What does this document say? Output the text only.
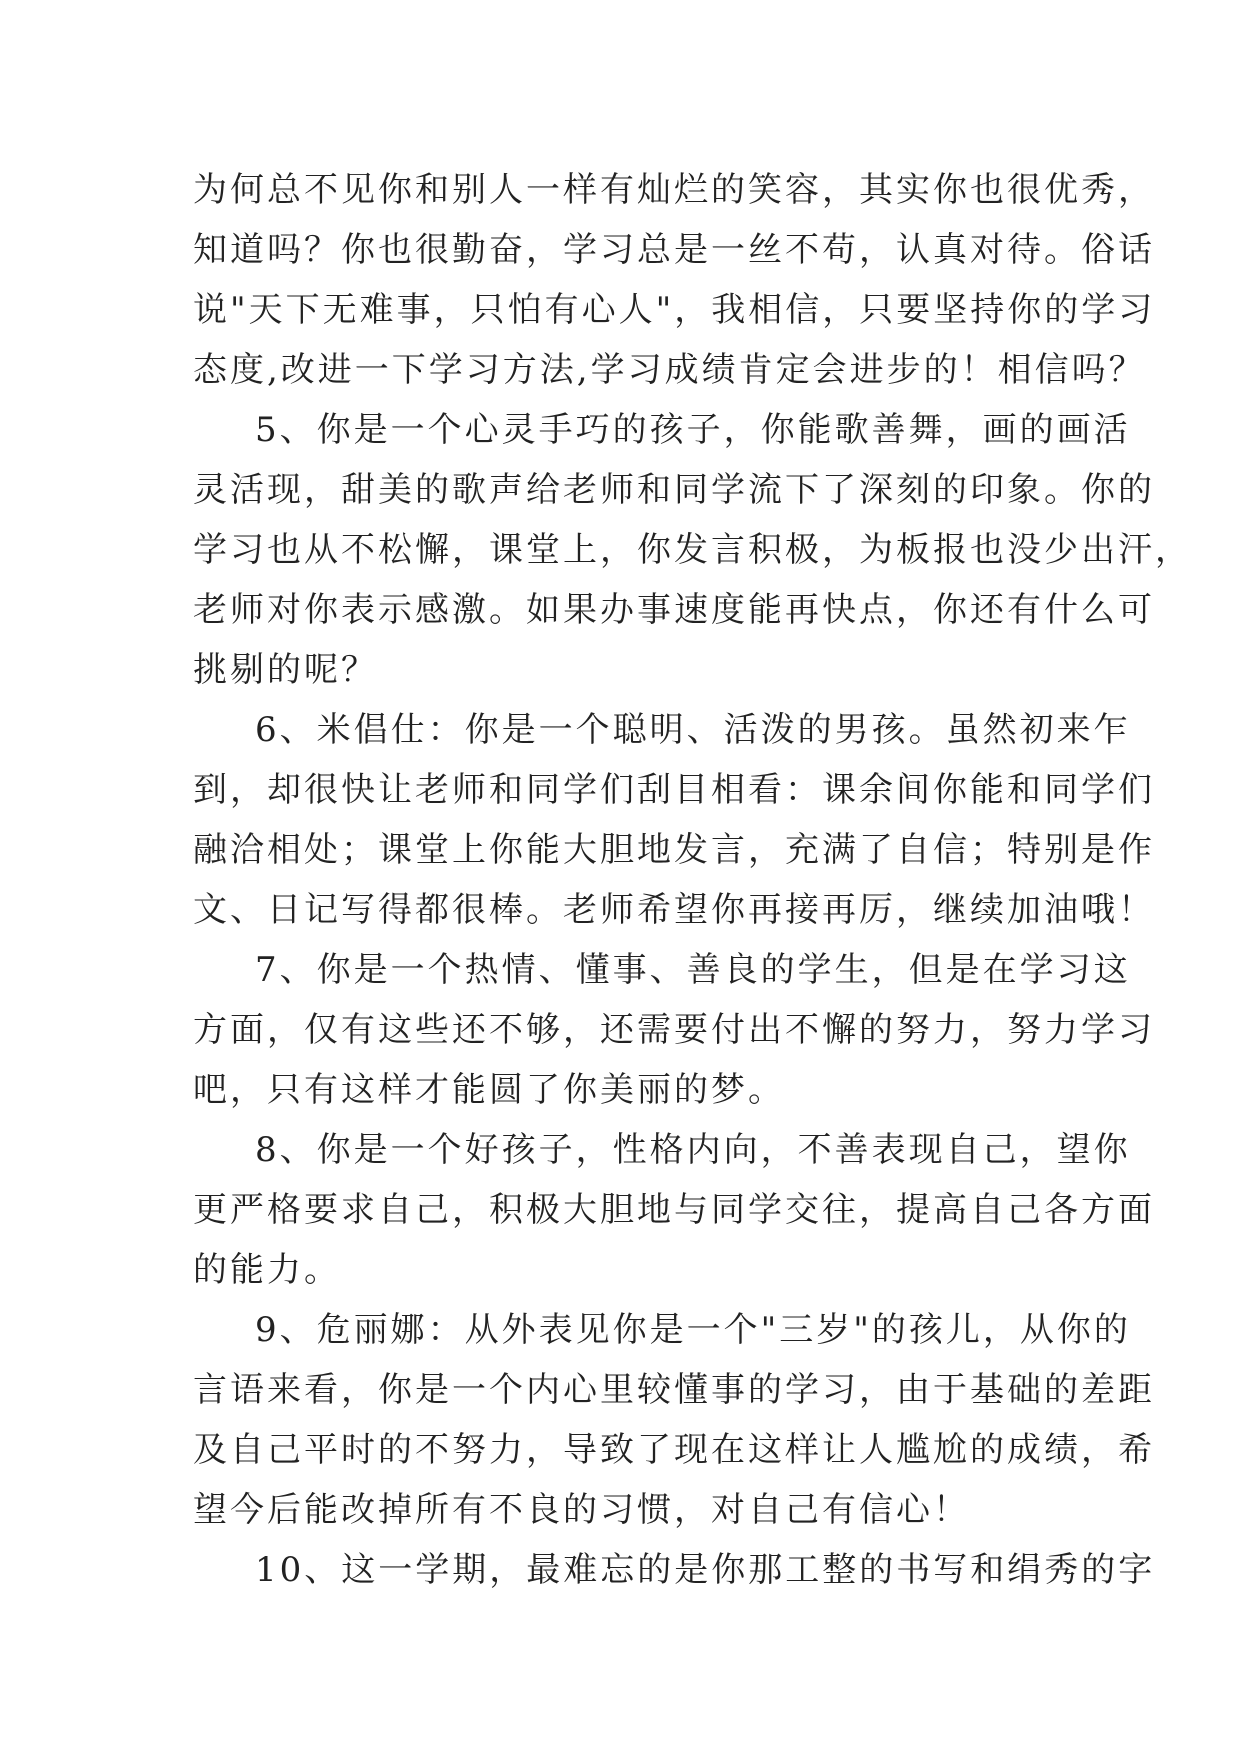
为何总不见你和别人一样有灿烂的笑容，其实你也很优秀，
知道吗？你也很勤奋，学习总是一丝不苟，认真对待。俗话
说"天下无难事，只怕有心人"，我相信，只要坚持你的学习
态度,改进一下学习方法,学习成绩肯定会进步的！相信吗？
5、你是一个心灵手巧的孩子，你能歌善舞，画的画活
灵活现，甜美的歌声给老师和同学流下了深刻的印象。你的
学习也从不松懈，课堂上，你发言积极，为板报也没少出汗，
老师对你表示感激。如果办事速度能再快点，你还有什么可
挑剔的呢？
6、米倡仕：你是一个聪明、活泼的男孩。虽然初来乍
到，却很快让老师和同学们刮目相看：课余间你能和同学们
融洽相处；课堂上你能大胆地发言，充满了自信；特别是作
文、日记写得都很棒。老师希望你再接再厉，继续加油哦！
7、你是一个热情、懂事、善良的学生，但是在学习这
方面，仅有这些还不够，还需要付出不懈的努力，努力学习
吧，只有这样才能圆了你美丽的梦。
8、你是一个好孩子，性格内向，不善表现自己，望你
更严格要求自己，积极大胆地与同学交往，提高自己各方面
的能力。
9、危丽娜：从外表见你是一个"三岁"的孩儿，从你的
言语来看，你是一个内心里较懂事的学习，由于基础的差距
及自己平时的不努力，导致了现在这样让人尴尬的成绩，希
望今后能改掉所有不良的习惯，对自己有信心！
10、这一学期，最难忘的是你那工整的书写和绢秀的字
